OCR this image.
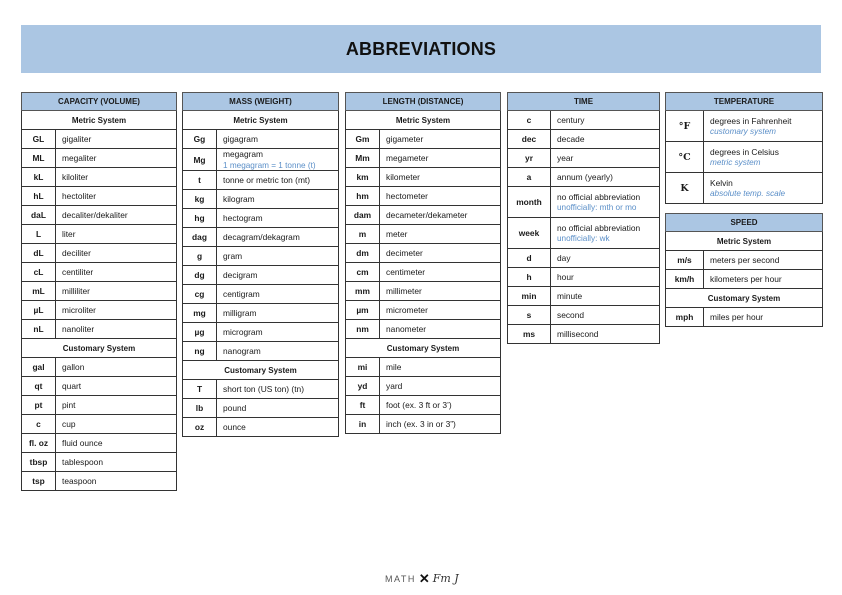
ABBREVIATIONS
CAPACITY (VOLUME)	
Metric System	
GL	gigaliter
ML	megaliter
kL	kiloliter
hL	hectoliter
daL	decaliter/dekaliter
L	liter
dL	deciliter
cL	centiliter
mL	milliliter
µL	microliter
nL	nanoliter
Customary System	
gal	gallon
qt	quart
pt	pint
c	cup
fl. oz	fluid ounce
tbsp	tablespoon
tsp	teaspoon
MASS (WEIGHT)	
Metric System	
Gg	gigagram
Mg	megagram
1 megagram = 1 tonne (t)

t	tonne or metric ton (mt)
kg	kilogram
hg	hectogram
dag	decagram/dekagram
g	gram
dg	decigram
cg	centigram
mg	milligram
µg	microgram
ng	nanogram
Customary System	
T	short ton (US ton) (tn)
lb	pound
oz	ounce
LENGTH (DISTANCE)	
Metric System	
Gm	gigameter
Mm	megameter
km	kilometer
hm	hectometer
dam	decameter/dekameter
m	meter
dm	decimeter
cm	centimeter
mm	millimeter
µm	micrometer
nm	nanometer
Customary System	
mi	mile
yd	yard
ft	foot (ex. 3 ft or 3’)
in	inch (ex. 3 in or 3”)
TIME	
c	century
dec	decade
yr	year
a	annum (yearly)
month	no official abbreviation
unofficially: mth or mo

week	no official abbreviation
unofficially: wk

d	day
h	hour
min	minute
s	second
ms	millisecond
TEMPERATURE	
°F	degrees in Fahrenheit
customary system

°C	degrees in Celsius
metric system

K	Kelvin
absolute temp. scale
SPEED	
Metric System	
m/s	meters per second
km/h	kilometers per hour
Customary System	
mph	miles per hour
MATH ✕ Fm J
